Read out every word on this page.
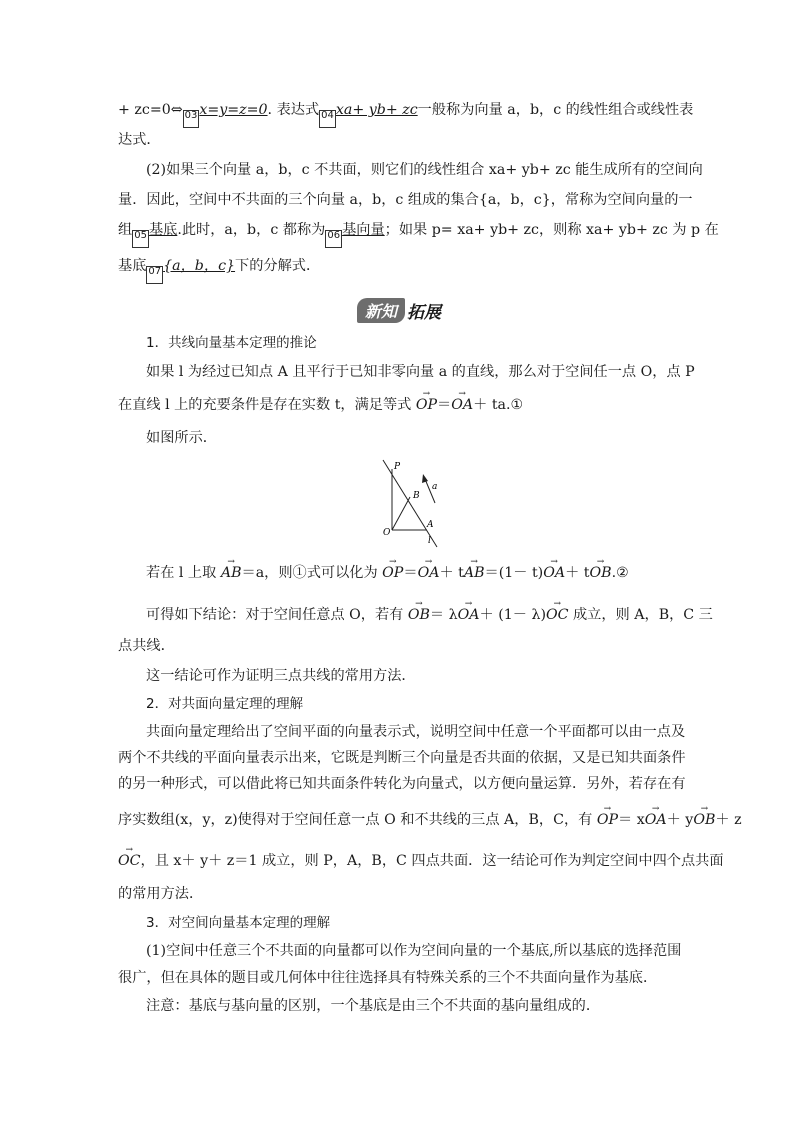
+ zc=0⇔ 03 x=y=z=0. 表达式 04 xa+ yb+ zc一般称为向量 a，b，c 的线性组合或线性表
达式．
(2)如果三个向量 a，b，c 不共面，则它们的线性组合 xa+ yb+ zc 能生成所有的空间向
量．因此，空间中不共面的三个向量 a，b，c 组成的集合{a，b，c}，常称为空间向量的一
组 05 基底.此时，a，b，c 都称为 06 基向量；如果 p= xa+ yb+ zc，则称 xa+ yb+ zc 为 p 在
基底 07 {a，b，c}下的分解式．
新知 拓展
1．共线向量基本定理的推论
如果 l 为经过已知点 A 且平行于已知非零向量 a 的直线，那么对于空间任一点 O，点 P
在直线 l 上的充要条件是存在实数 t，满足等式 → OP＝→ OA＋ ta.①
如图所示．
P
B
a
O
A
l
若在 l 上取 → AB＝a，则①式可以化为 → OP＝→ OA＋ t→ AB＝(1－ t)→ OA＋ t→ OB.②
可得如下结论：对于空间任意点 O，若有 → OB＝ λ→ OA＋ (1－ λ)→ OC 成立，则 A，B，C 三
点共线．
这一结论可作为证明三点共线的常用方法．
2．对共面向量定理的理解
共面向量定理给出了空间平面的向量表示式，说明空间中任意一个平面都可以由一点及
两个不共线的平面向量表示出来，它既是判断三个向量是否共面的依据，又是已知共面条件
的另一种形式，可以借此将已知共面条件转化为向量式，以方便向量运算．另外，若存在有
序实数组(x，y，z)使得对于空间任意一点 O 和不共线的三点 A，B，C，有 → OP＝ x→ OA＋ y→ OB＋ z
→ OC，且 x＋ y＋ z＝1 成立，则 P，A，B，C 四点共面．这一结论可作为判定空间中四个点共面
的常用方法．
3．对空间向量基本定理的理解
(1)空间中任意三个不共面的向量都可以作为空间向量的一个基底,所以基底的选择范围
很广，但在具体的题目或几何体中往往选择具有特殊关系的三个不共面向量作为基底．
注意：基底与基向量的区别，一个基底是由三个不共面的基向量组成的．
